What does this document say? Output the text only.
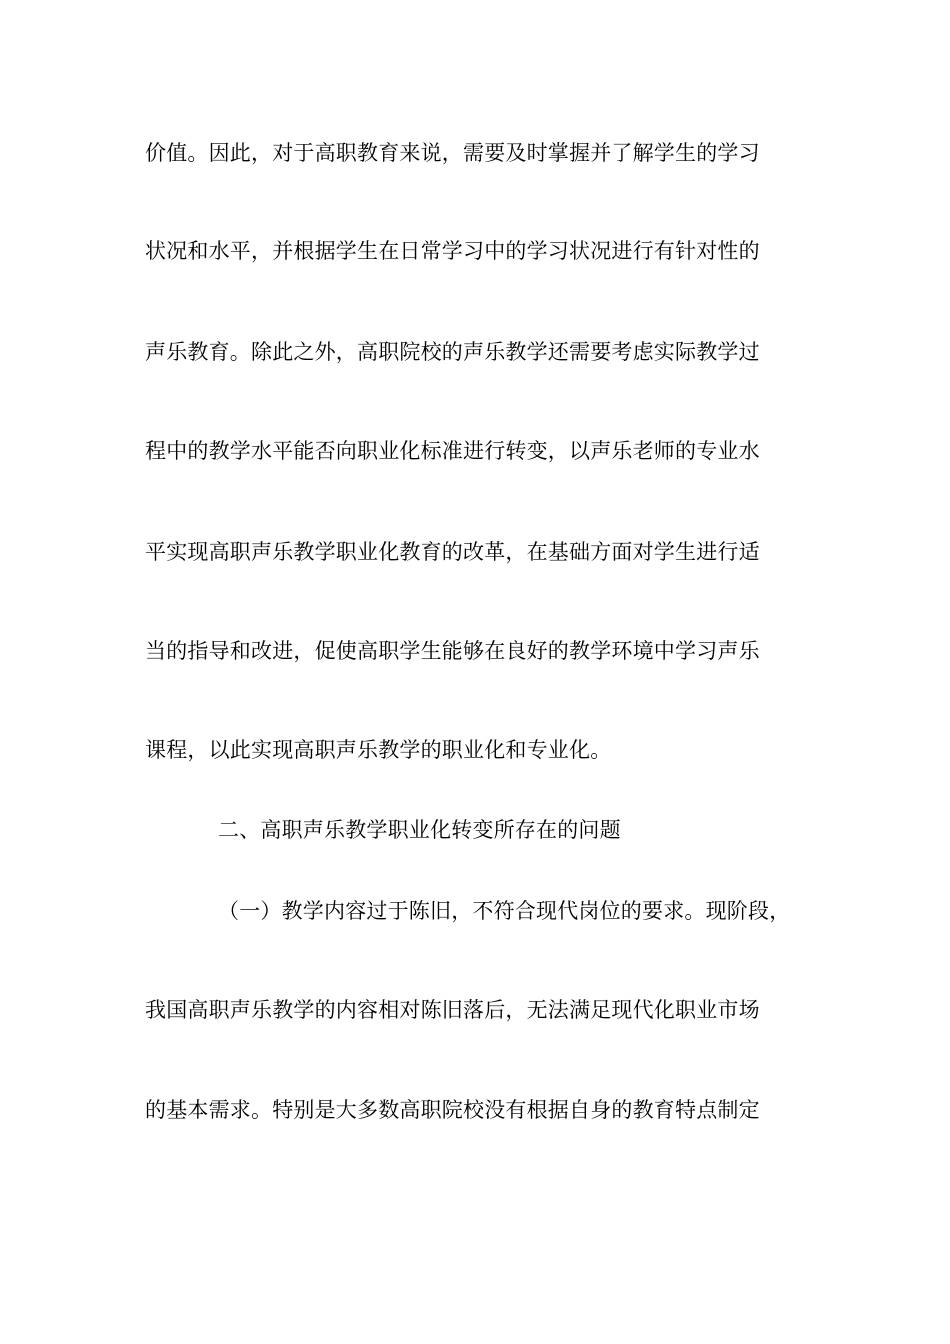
价值。因此，对于高职教育来说，需要及时掌握并了解学生的学习
状况和水平，并根据学生在日常学习中的学习状况进行有针对性的
声乐教育。除此之外，高职院校的声乐教学还需要考虑实际教学过
程中的教学水平能否向职业化标准进行转变，以声乐老师的专业水
平实现高职声乐教学职业化教育的改革，在基础方面对学生进行适
当的指导和改进，促使高职学生能够在良好的教学环境中学习声乐
课程，以此实现高职声乐教学的职业化和专业化。
二、高职声乐教学职业化转变所存在的问题
（一）教学内容过于陈旧，不符合现代岗位的要求。现阶段，
我国高职声乐教学的内容相对陈旧落后，无法满足现代化职业市场
的基本需求。特别是大多数高职院校没有根据自身的教育特点制定
